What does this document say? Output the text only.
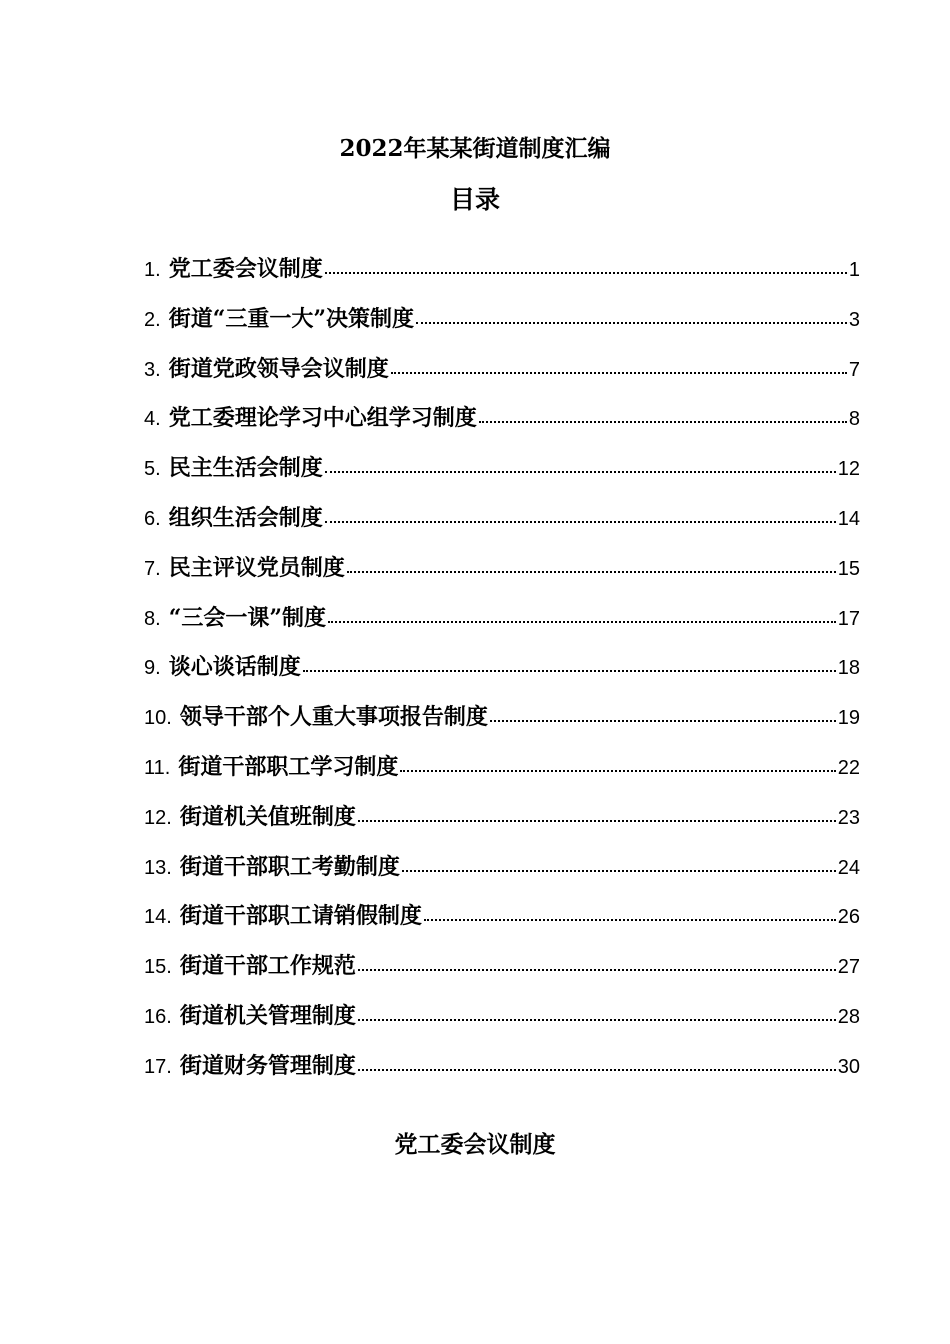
2022年某某街道制度汇编
目录
1. 党工委会议制度	1
2. 街道“三重一大”决策制度	3
3. 街道党政领导会议制度	7
4. 党工委理论学习中心组学习制度	8
5. 民主生活会制度	12
6. 组织生活会制度	14
7. 民主评议党员制度	15
8. “三会一课”制度	17
9. 谈心谈话制度	18
10. 领导干部个人重大事项报告制度	19
11. 街道干部职工学习制度	22
12. 街道机关值班制度	23
13. 街道干部职工考勤制度	24
14. 街道干部职工请销假制度	26
15. 街道干部工作规范	27
16. 街道机关管理制度	28
17. 街道财务管理制度	30
党工委会议制度
